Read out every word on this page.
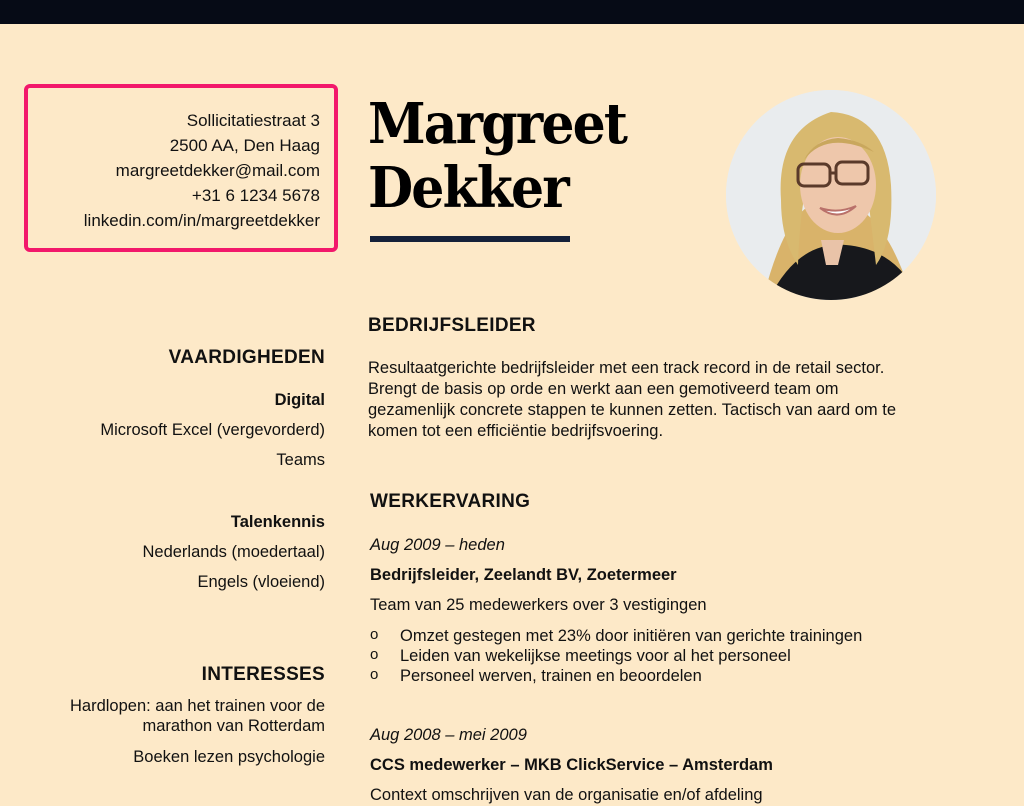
Sollicitatiestraat 3
2500 AA, Den Haag
margreetdekker@mail.com
+31 6 1234 5678
linkedin.com/in/margreetdekker
Margreet
Dekker
BEDRIJFSLEIDER
Resultaatgerichte bedrijfsleider met een track record in de retail sector.
Brengt de basis op orde en werkt aan een gemotiveerd team om
gezamenlijk concrete stappen te kunnen zetten. Tactisch van aard om te
komen tot een efficiëntie bedrijfsvoering.
VAARDIGHEDEN
Digital
Microsoft Excel (vergevorderd)
Teams
Talenkennis
Nederlands (moedertaal)
Engels (vloeiend)
INTERESSES
Hardlopen: aan het trainen voor de
marathon van Rotterdam
Boeken lezen psychologie
WERKERVARING
Aug 2009 – heden
Bedrijfsleider, Zeelandt BV, Zoetermeer
Team van 25 medewerkers over 3 vestigingen
o Omzet gestegen met 23% door initiëren van gerichte trainingen
o Leiden van wekelijkse meetings voor al het personeel
o Personeel werven, trainen en beoordelen
Aug 2008 – mei 2009
CCS medewerker – MKB ClickService – Amsterdam
Context omschrijven van de organisatie en/of afdeling
